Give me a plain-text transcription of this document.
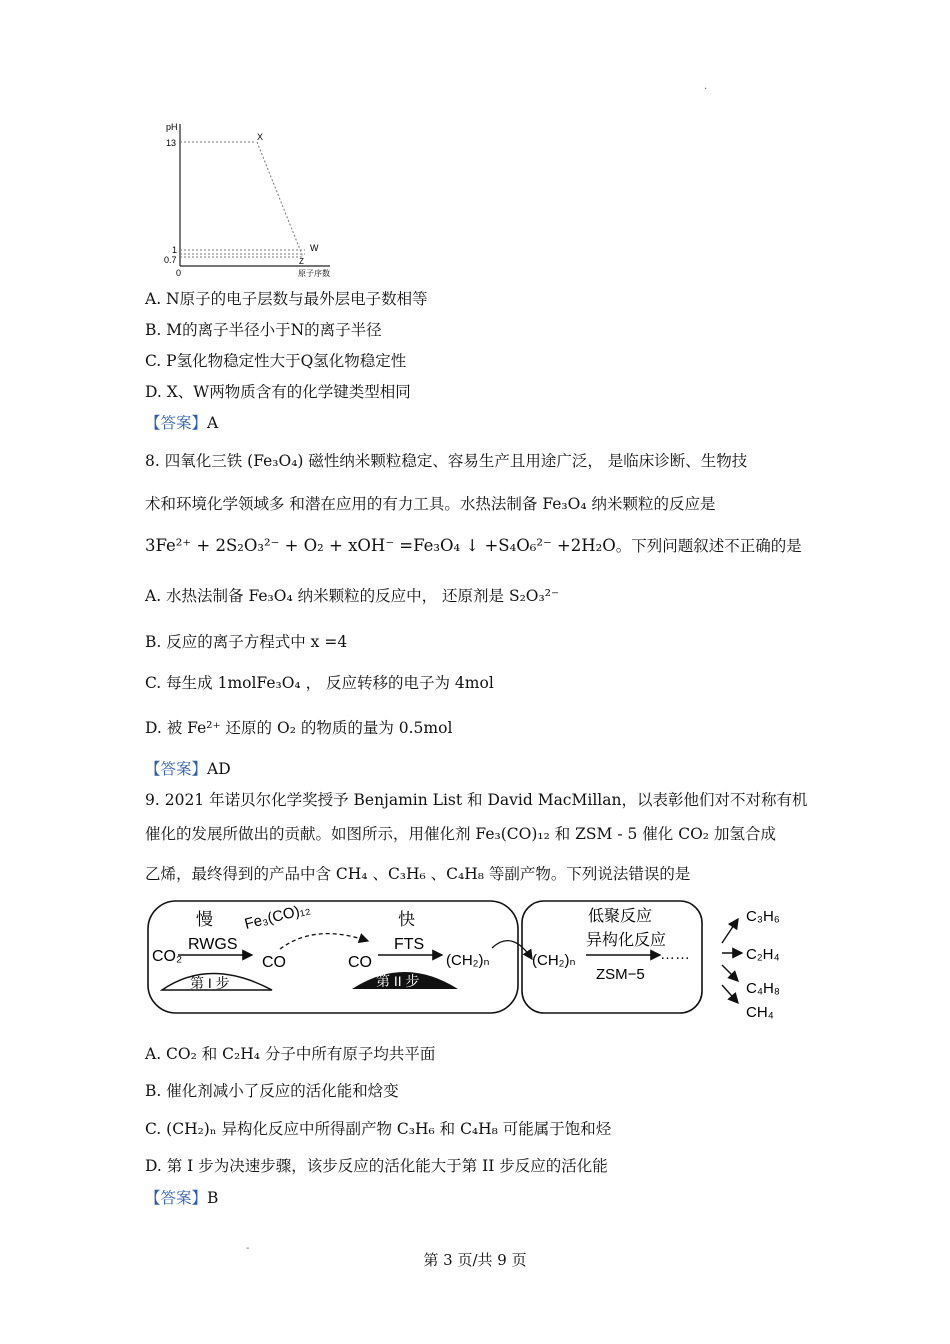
pH
13
1
0.7
0	原子序数
X
W
Z
·
A. N原子的电子层数与最外层电子数相等
B. M的离子半径小于N的离子半径
C. P氢化物稳定性大于Q氢化物稳定性
D. X、W两物质含有的化学键类型相同
【答案】A
8. 四氧化三铁 (Fe₃O₄) 磁性纳米颗粒稳定、容易生产且用途广泛， 是临床诊断、生物技
术和环境化学领域多 和潜在应用的有力工具。水热法制备 Fe₃O₄ 纳米颗粒的反应是
3Fe²⁺ + 2S₂O₃²⁻ + O₂ + xOH⁻ =Fe₃O₄ ↓ +S₄O₆²⁻ +2H₂O。下列问题叙述不正确的是
A. 水热法制备 Fe₃O₄ 纳米颗粒的反应中， 还原剂是 S₂O₃²⁻
B. 反应的离子方程式中 x =4
C. 每生成 1molFe₃O₄ ， 反应转移的电子为 4mol
D. 被 Fe²⁺ 还原的 O₂ 的物质的量为 0.5mol
【答案】AD
9. 2021 年诺贝尔化学奖授予 Benjamin List 和 David MacMillan，以表彰他们对不对称有机
催化的发展所做出的贡献。如图所示，用催化剂 Fe₃(CO)₁₂ 和 ZSM - 5 催化 CO₂ 加氢合成
乙烯，最终得到的产品中含 CH₄ 、C₃H₆ 、C₄H₈ 等副产物。下列说法错误的是
慢
RWGS
CO₂
第 I 步
CO
Fe₃(CO)₁₂	快
FTS
CO
第 II 步
(CH₂)ₙ	(CH₂)ₙ
低聚反应
异构化反应
……
ZSM−5
C₃H₆
C₂H₄
C₄H₈
CH₄
A. CO₂ 和 C₂H₄ 分子中所有原子均共平面
B. 催化剂减小了反应的活化能和焓变
C. (CH₂)ₙ 异构化反应中所得副产物 C₃H₆ 和 C₄H₈ 可能属于饱和烃
D. 第 I 步为决速步骤，该步反应的活化能大于第 II 步反应的活化能
【答案】B
-
第 3 页/共 9 页
